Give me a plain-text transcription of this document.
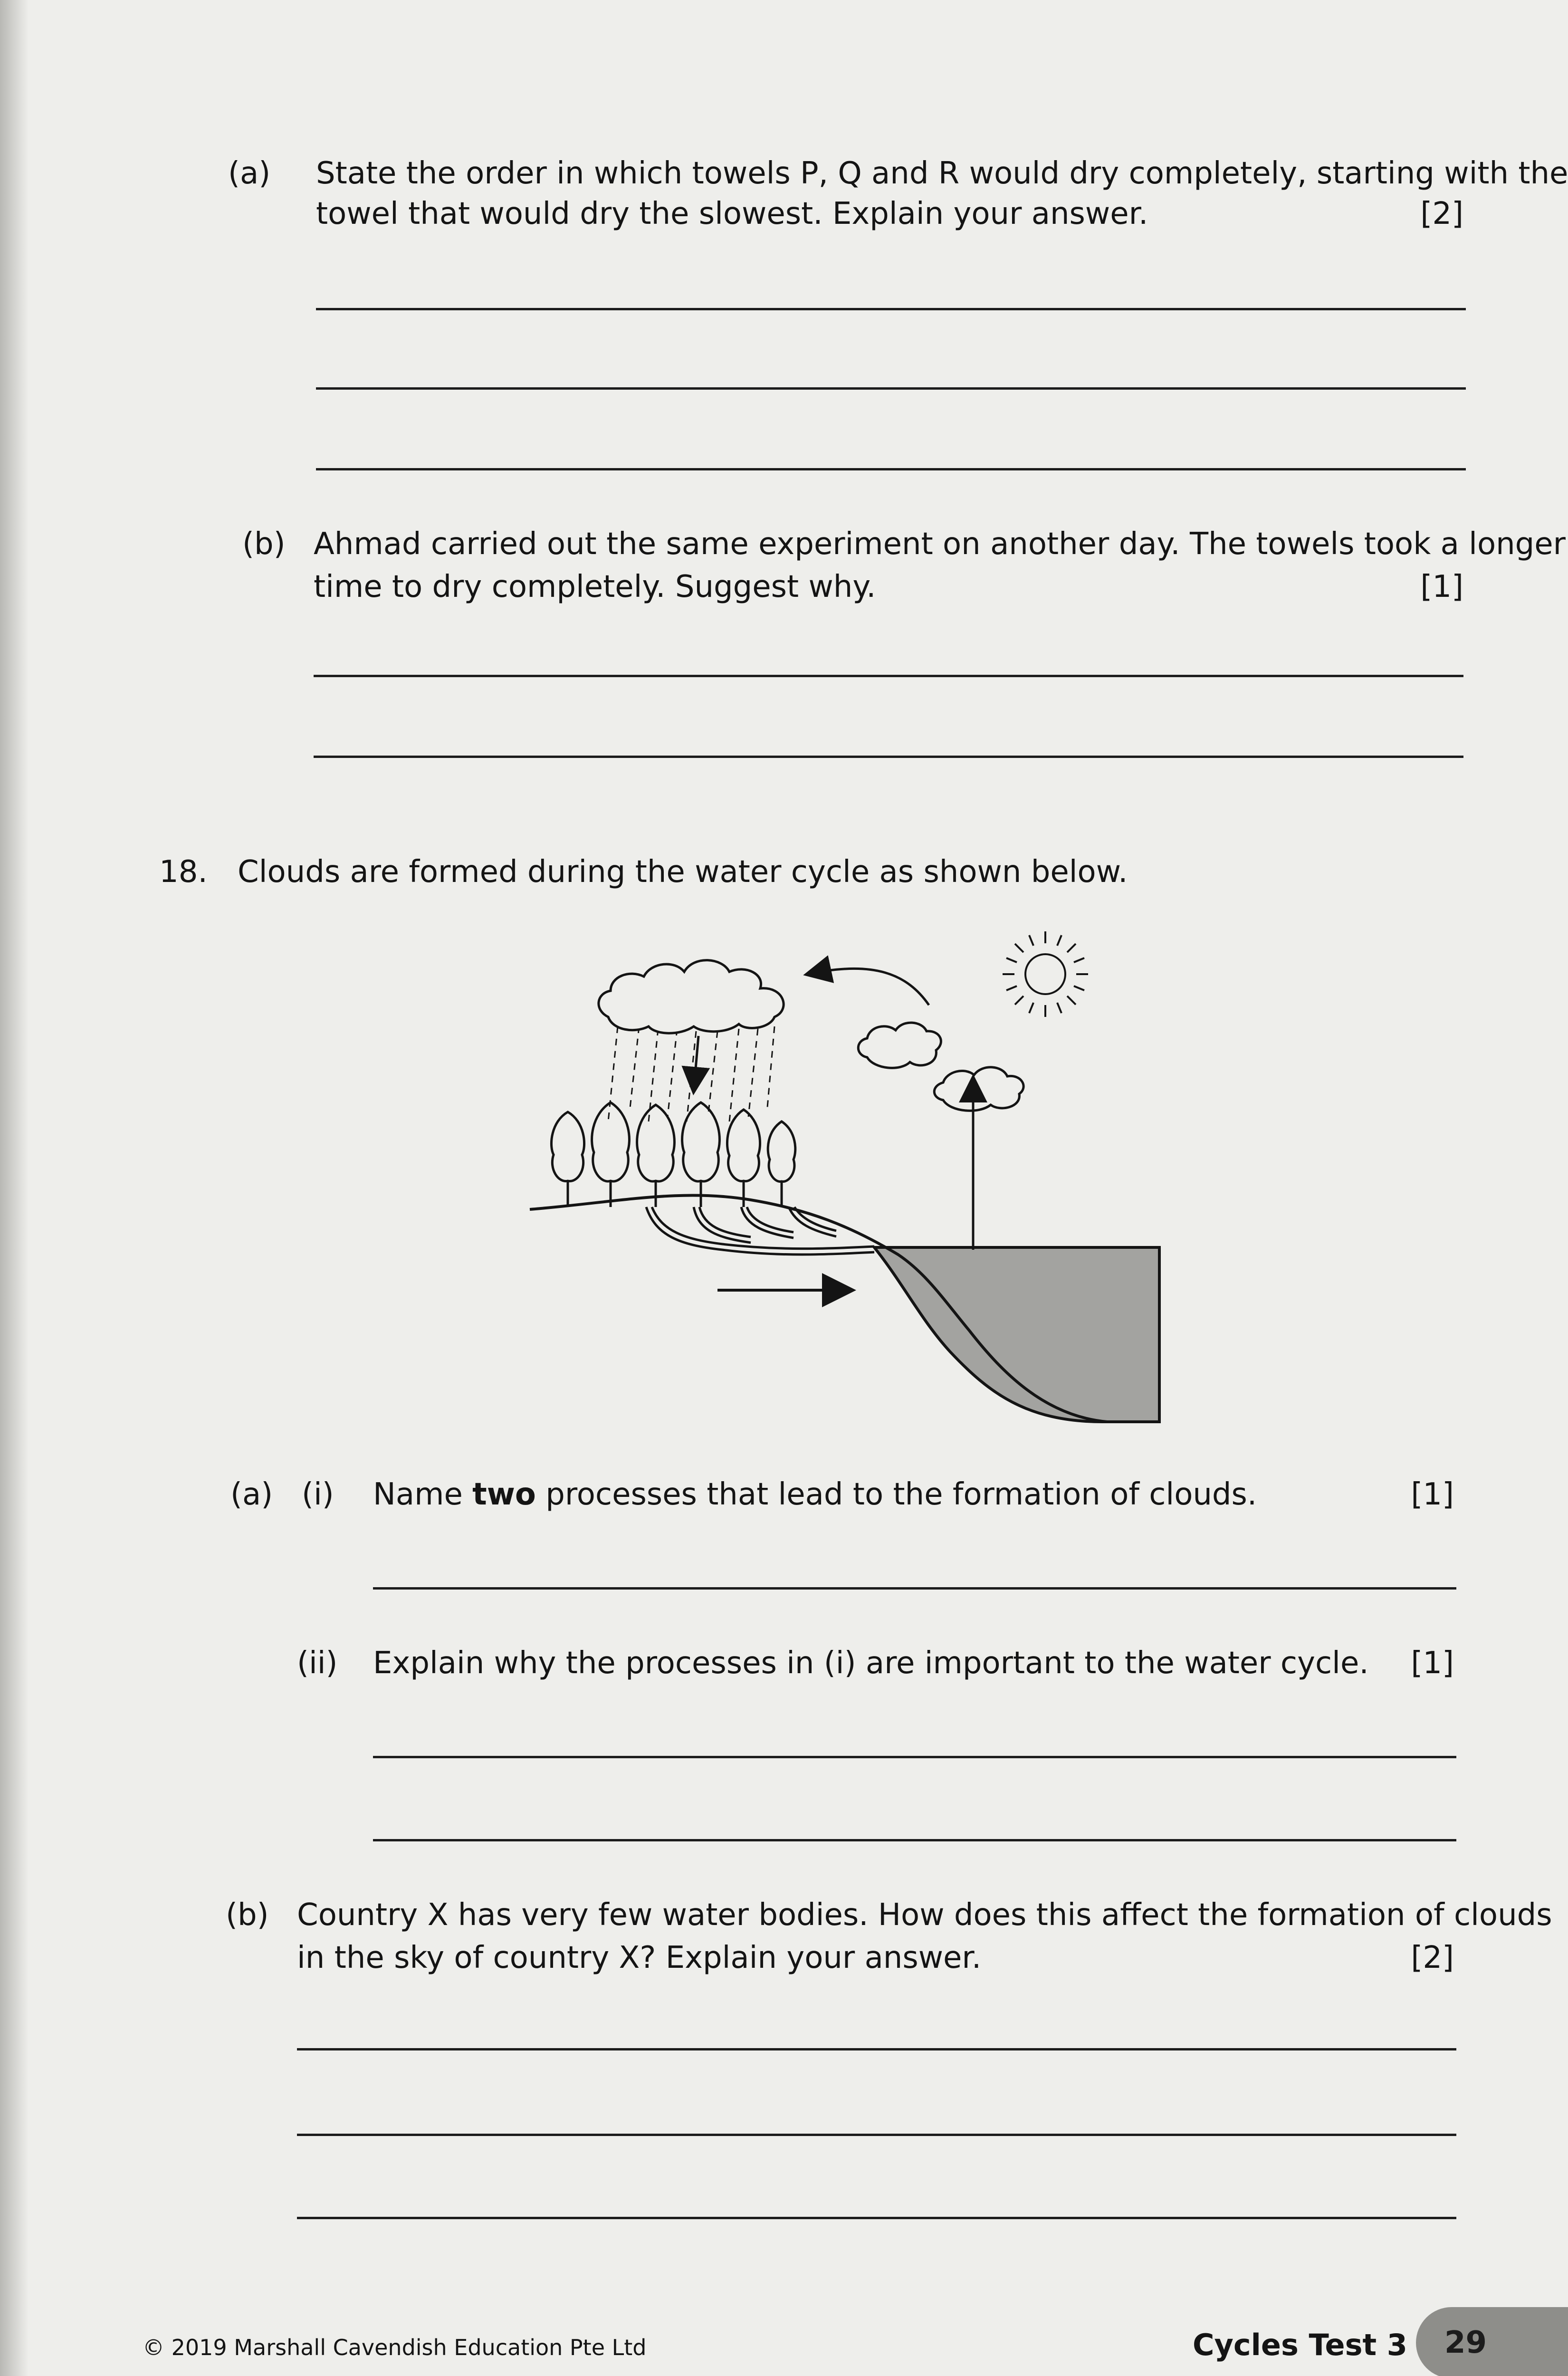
(a) State the order in which towels P, Q and R would dry completely, starting with the
towel that would dry the slowest. Explain your answer.	[2]
(b) Ahmad carried out the same experiment on another day. The towels took a longer
time to dry completely. Suggest why.	[1]
18. Clouds are formed during the water cycle as shown below.
(a) (i) Name two processes that lead to the formation of clouds.	[1]
(ii) Explain why the processes in (i) are important to the water cycle.	[1]
(b) Country X has very few water bodies. How does this affect the formation of clouds
in the sky of country X? Explain your answer.	[2]
© 2019 Marshall Cavendish Education Pte Ltd	Cycles Test 3 29
